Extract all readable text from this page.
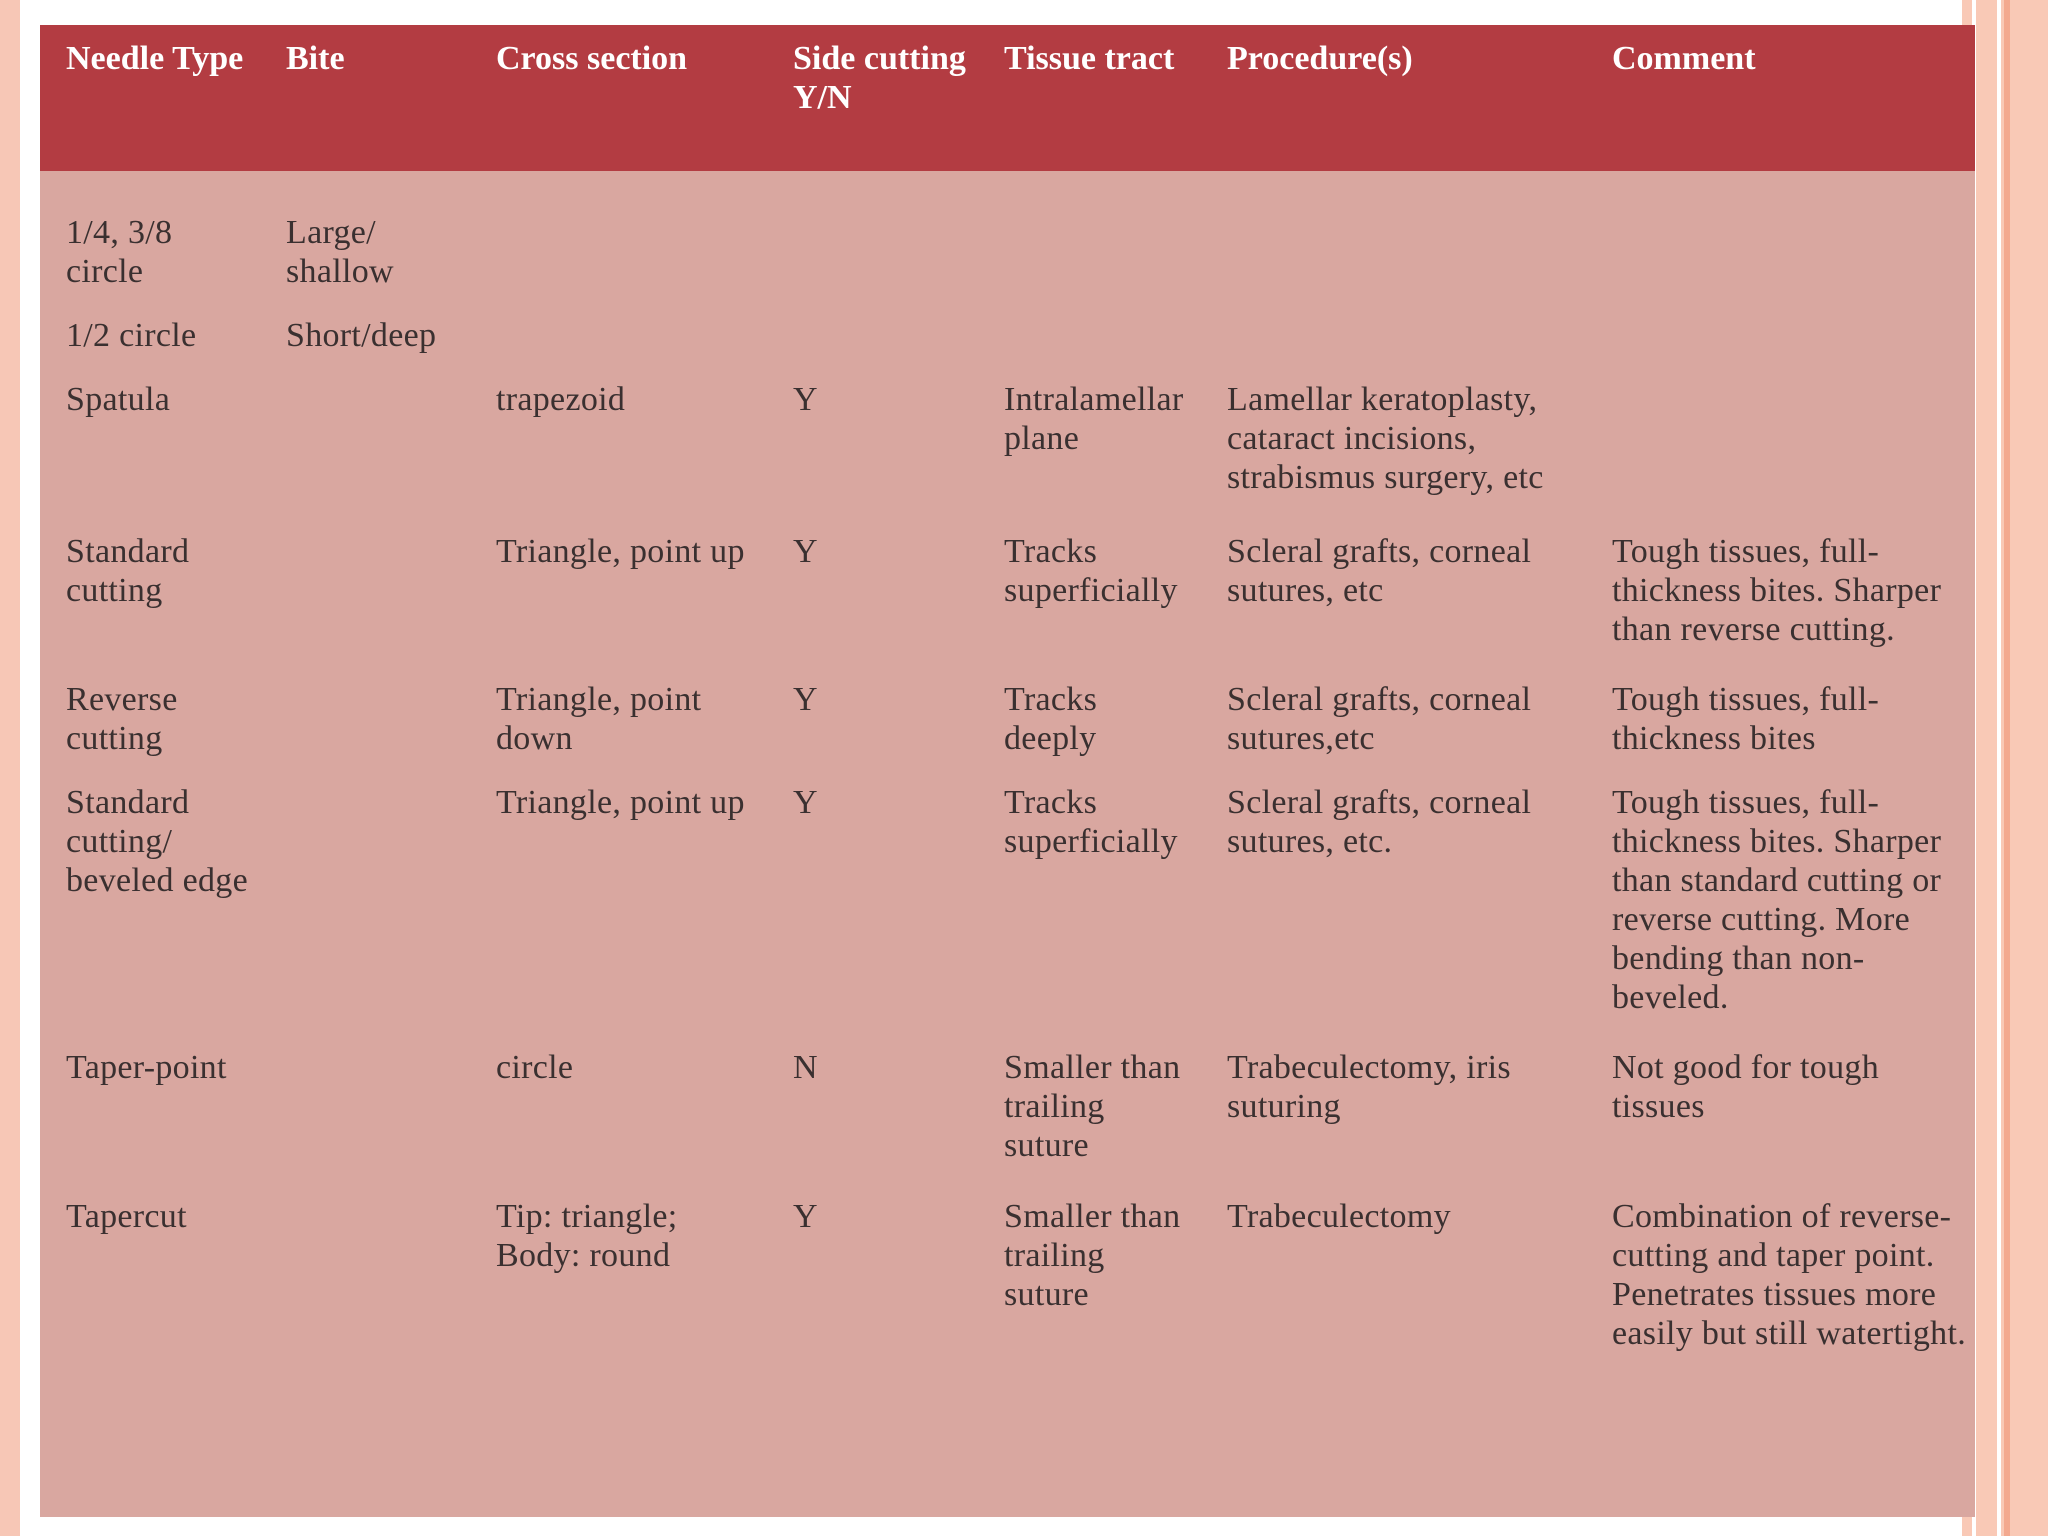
Needle Type	Bite	Cross section	Side cutting Y/N	Tissue tract	Procedure(s)	Comment
1/4, 3/8 circle	Large/ shallow					
1/2 circle	Short/deep					
Spatula		trapezoid	Y	Intralamellar plane	Lamellar keratoplasty, cataract incisions, strabismus surgery, etc	
Standard cutting		Triangle, point up	Y	Tracks superficially	Scleral grafts, corneal sutures, etc	Tough tissues, full-thickness bites. Sharper than reverse cutting.
Reverse cutting		Triangle, point down	Y	Tracks deeply	Scleral grafts, corneal sutures,etc	Tough tissues, full-thickness bites
Standard cutting/ beveled edge		Triangle, point up	Y	Tracks superficially	Scleral grafts, corneal sutures, etc.	Tough tissues, full-thickness bites. Sharper than standard cutting or reverse cutting. More bending than non-beveled.
Taper-point		circle	N	Smaller than trailing suture	Trabeculectomy, iris suturing	Not good for tough tissues
Tapercut		Tip: triangle; Body: round	Y	Smaller than trailing suture	Trabeculectomy	Combination of reverse-cutting and taper point. Penetrates tissues more easily but still watertight.
